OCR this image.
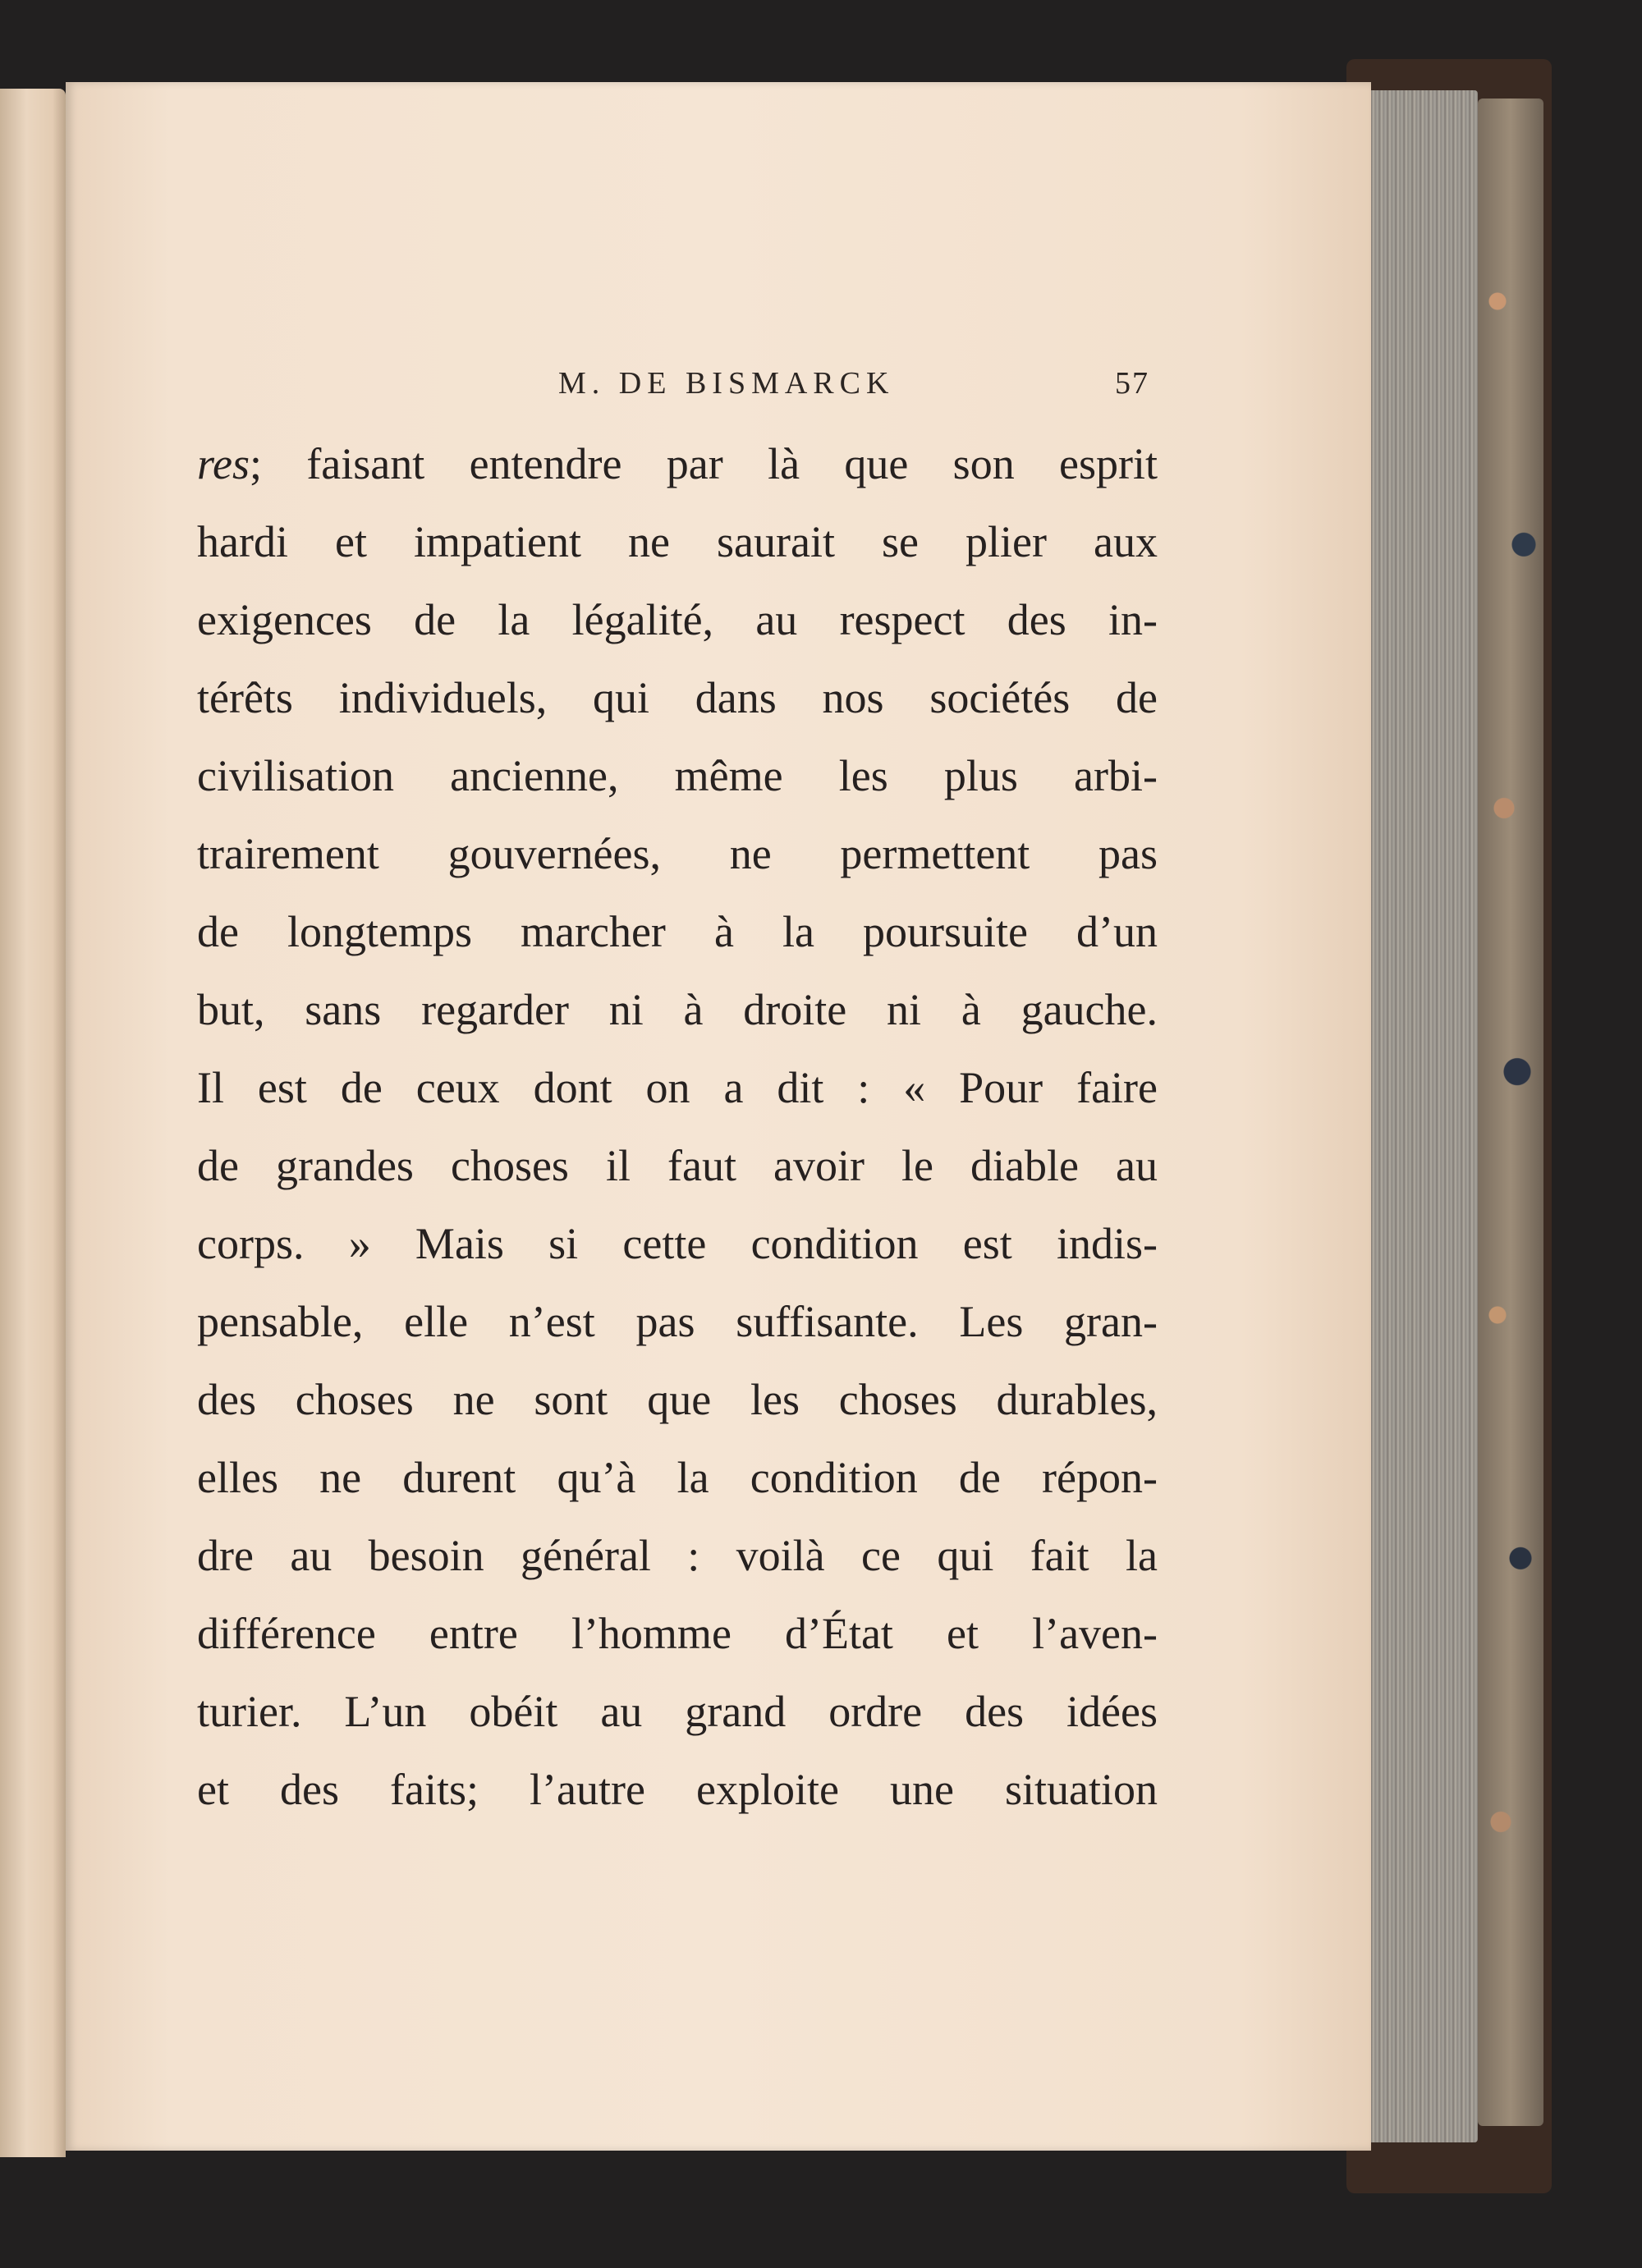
M. DE BISMARCK	57
res; faisant entendre par là que son esprit
hardi et impatient ne saurait se plier aux
exigences de la légalité, au respect des in-
térêts individuels, qui dans nos sociétés de
civilisation ancienne, même les plus arbi-
trairement gouvernées, ne permettent pas
de longtemps marcher à la poursuite d’un
but, sans regarder ni à droite ni à gauche.
Il est de ceux dont on a dit : « Pour faire
de grandes choses il faut avoir le diable au
corps. » Mais si cette condition est indis-
pensable, elle n’est pas suffisante. Les gran-
des choses ne sont que les choses durables,
elles ne durent qu’à la condition de répon-
dre au besoin général : voilà ce qui fait la
différence entre l’homme d’État et l’aven-
turier. L’un obéit au grand ordre des idées
et des faits; l’autre exploite une situation
